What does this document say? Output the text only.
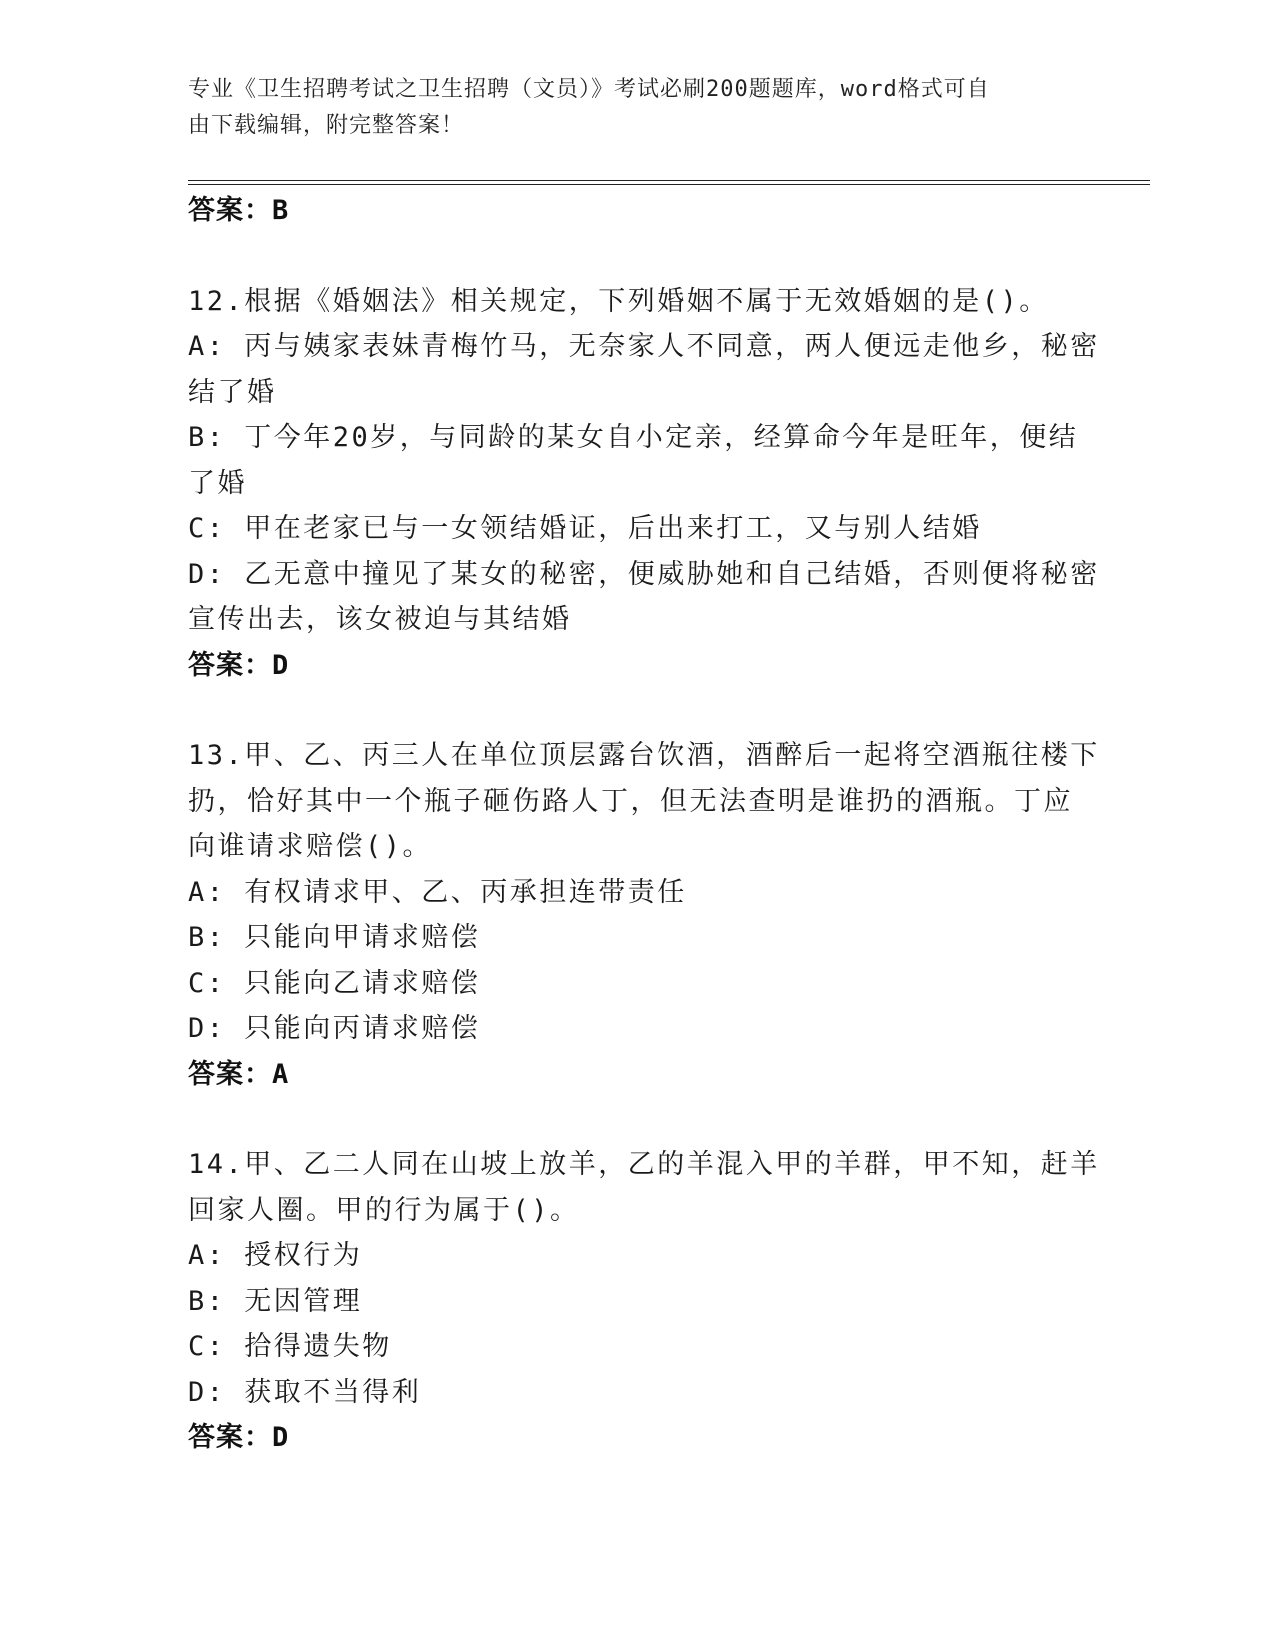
专业《卫生招聘考试之卫生招聘（文员）》考试必刷200题题库，word格式可自
由下载编辑，附完整答案！
答案：B
12.根据《婚姻法》相关规定，下列婚姻不属于无效婚姻的是()。
A: 丙与姨家表妹青梅竹马，无奈家人不同意，两人便远走他乡，秘密
结了婚
B: 丁今年20岁，与同龄的某女自小定亲，经算命今年是旺年，便结
了婚
C: 甲在老家已与一女领结婚证，后出来打工，又与别人结婚
D: 乙无意中撞见了某女的秘密，便威胁她和自己结婚，否则便将秘密
宣传出去，该女被迫与其结婚
答案：D
13.甲、乙、丙三人在单位顶层露台饮酒，酒醉后一起将空酒瓶往楼下
扔，恰好其中一个瓶子砸伤路人丁，但无法查明是谁扔的酒瓶。丁应
向谁请求赔偿()。
A: 有权请求甲、乙、丙承担连带责任
B: 只能向甲请求赔偿
C: 只能向乙请求赔偿
D: 只能向丙请求赔偿
答案：A
14.甲、乙二人同在山坡上放羊，乙的羊混入甲的羊群，甲不知，赶羊
回家人圈。甲的行为属于()。
A: 授权行为
B: 无因管理
C: 拾得遗失物
D: 获取不当得利
答案：D
